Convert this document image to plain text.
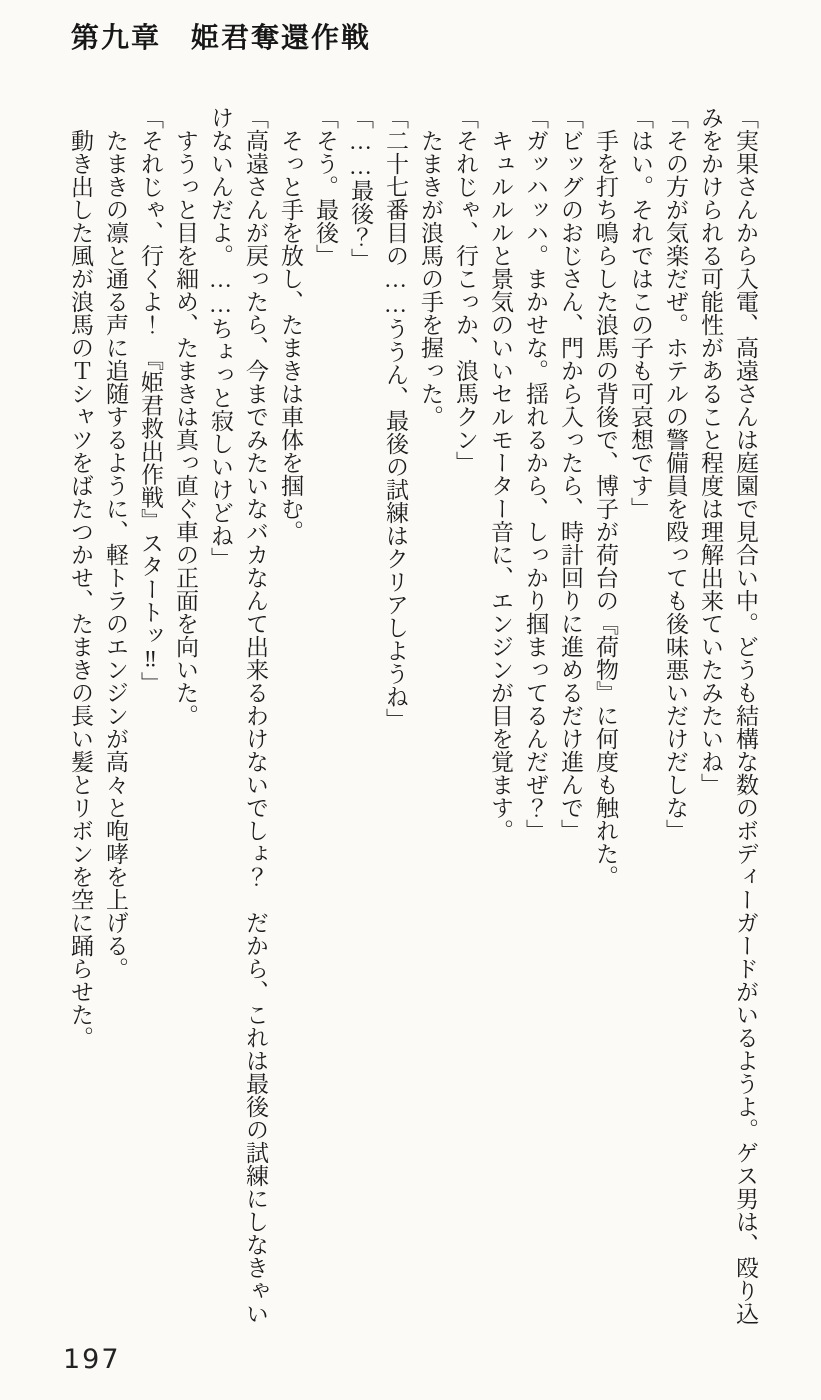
第九章　姫君奪還作戦

「実果さんから入電、高遠さんは庭園で見合い中。どうも結構な数のボディーガードがいるようよ。ゲス男は、殴り込みをかけられる可能性があること程度は理解出来ていたみたいね」

「その方が気楽だぜ。ホテルの警備員を殴っても後味悪いだけだしな」

「はい。それではこの子も可哀想です」

　手を打ち鳴らした浪馬の背後で、博子が荷台の『荷物』に何度も触れた。

「ビッグのおじさん、門から入ったら、時計回りに進めるだけ進んで」

「ガッハッハ。まかせな。揺れるから、しっかり掴まってるんだぜ？」

　キュルルルと景気のいいセルモーター音に、エンジンが目を覚ます。

「それじゃ、行こっか、浪馬クン」

　たまきが浪馬の手を握った。

「二十七番目の……ううん、最後の試練はクリアしようね」

「……最後？」

「そう。最後」

　そっと手を放し、たまきは車体を掴む。

「高遠さんが戻ったら、今までみたいなバカなんて出来るわけないでしょ？　だから、これは最後の試練にしなきゃいけないんだよ。……ちょっと寂しいけどね」

　すうっと目を細め、たまきは真っ直ぐ車の正面を向いた。

「それじゃ、行くよ！　『姫君救出作戦』スタートッ‼」

　たまきの凛と通る声に追随するように、軽トラのエンジンが高々と咆哮を上げる。

　動き出した風が浪馬のＴシャツをばたつかせ、たまきの長い髪とリボンを空に踊らせた。

197
